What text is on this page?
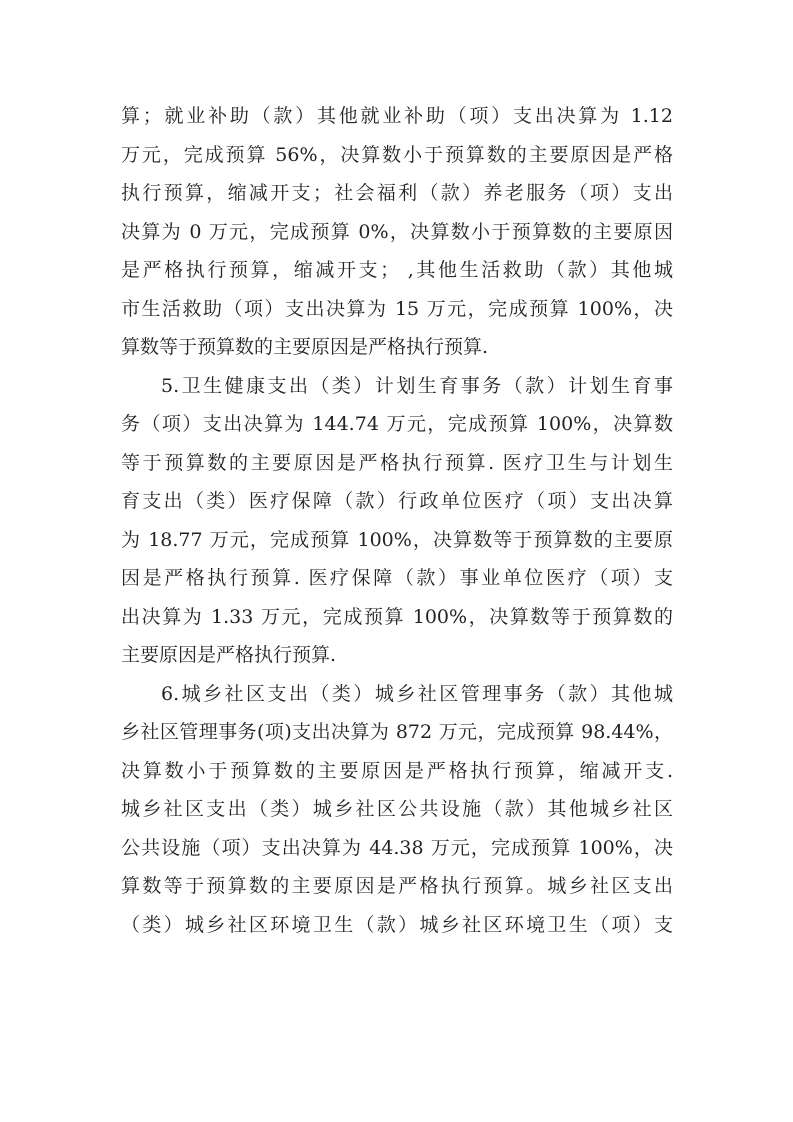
算；就业补助（款）其他就业补助（项）支出决算为 1.12
万元，完成预算 56%，决算数小于预算数的主要原因是严格
执行预算，缩减开支；社会福利（款）养老服务（项）支出
决算为 0 万元，完成预算 0%，决算数小于预算数的主要原因
是严格执行预算，缩减开支； ,其他生活救助（款）其他城
市生活救助（项）支出决算为 15 万元，完成预算 100%，决
算数等于预算数的主要原因是严格执行预算.
5.卫生健康支出（类）计划生育事务（款）计划生育事
务（项）支出决算为 144.74 万元，完成预算 100%，决算数
等于预算数的主要原因是严格执行预算. 医疗卫生与计划生
育支出（类）医疗保障（款）行政单位医疗（项）支出决算
为 18.77 万元，完成预算 100%，决算数等于预算数的主要原
因是严格执行预算. 医疗保障（款）事业单位医疗（项）支
出决算为 1.33 万元，完成预算 100%，决算数等于预算数的
主要原因是严格执行预算.
6.城乡社区支出（类）城乡社区管理事务（款）其他城
乡社区管理事务(项)支出决算为 872 万元，完成预算 98.44%，
决算数小于预算数的主要原因是严格执行预算，缩减开支.
城乡社区支出（类）城乡社区公共设施（款）其他城乡社区
公共设施（项）支出决算为 44.38 万元，完成预算 100%，决
算数等于预算数的主要原因是严格执行预算。城乡社区支出
（类）城乡社区环境卫生（款）城乡社区环境卫生（项）支
